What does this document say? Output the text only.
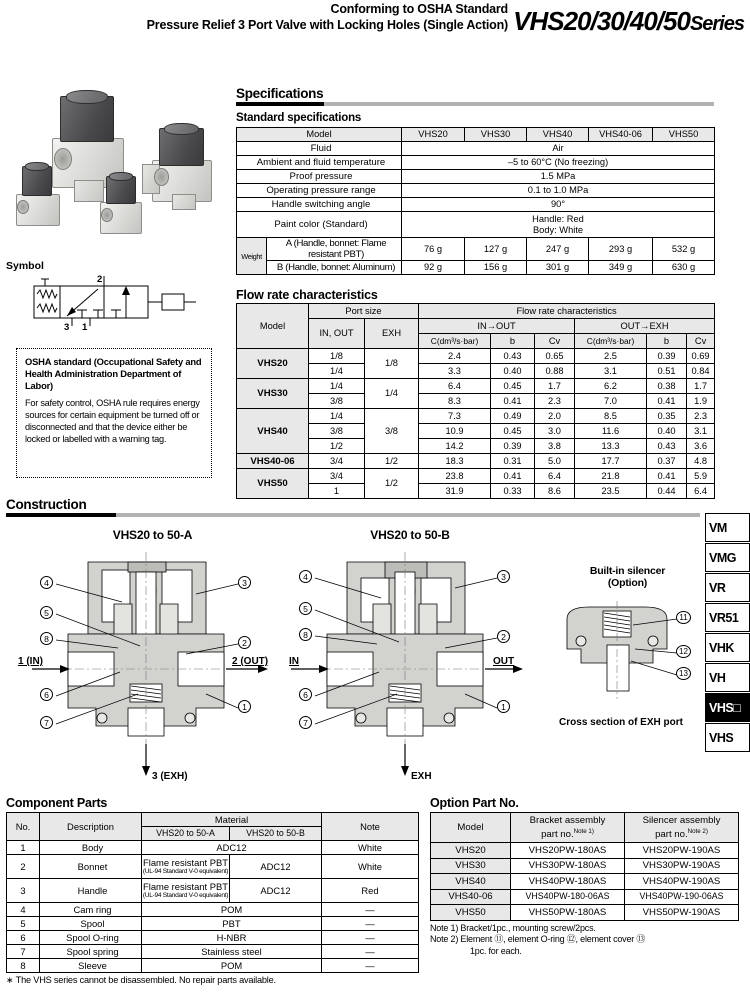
Conforming to OSHA Standard
Pressure Relief 3 Port Valve with Locking Holes (Single Action) VHS20/30/40/50Series
Symbol
2
3 1
OSHA standard (Occupational Safety and Health Administration Department of Labor)
For safety control, OSHA rule requires energy sources for certain equipment be turned off or disconnected and that the device either be locked or labelled with a warning tag.
Specifications
Standard specifications
Model		VHS20	VHS30	VHS40	VHS40-06	VHS50
Fluid		Air				
Ambient and fluid temperature		–5 to 60°C (No freezing)				
Proof pressure		1.5 MPa				
Operating pressure range		0.1 to 1.0 MPa				
Handle switching angle		90°				
Paint color (Standard)		Handle: Red
Body: White				
Weight	A (Handle, bonnet: Flame resistant PBT)	76 g	127 g	247 g	293 g	532 g
	B (Handle, bonnet: Aluminum)	92 g	156 g	301 g	349 g	630 g
Flow rate characteristics
Model	Port size		Flow rate characteristics					
	IN, OUT	EXH	IN→OUT			OUT→EXH		
			C(dm³/s·bar)	b	Cv	C(dm³/s·bar)	b	Cv
VHS20	1/8	1/8	2.4	0.43	0.65	2.5	0.39	0.69
	1/4		3.3	0.40	0.88	3.1	0.51	0.84
VHS30	1/4	1/4	6.4	0.45	1.7	6.2	0.38	1.7
	3/8		8.3	0.41	2.3	7.0	0.41	1.9
VHS40	1/4	3/8	7.3	0.49	2.0	8.5	0.35	2.3
	3/8		10.9	0.45	3.0	11.6	0.40	3.1
	1/2		14.2	0.39	3.8	13.3	0.43	3.6
VHS40-06	3/4	1/2	18.3	0.31	5.0	17.7	0.37	4.8
VHS50	3/4	1/2	23.8	0.41	6.4	21.8	0.41	5.9
	1		31.9	0.33	8.6	23.5	0.44	6.4
Construction
VHS20 to 50-A
4	3
5
8	2
6
7
1
1 (IN)	2 (OUT)
3 (EXH)
VHS20 to 50-B
4	3
5
8	2
6
7
1
IN	OUT
EXH
Built-in silencer
(Option)
11
12
13
Cross section of EXH port
VM
VMG
VR
VR51
VHK
VH
VHS□
VHS
Component Parts
No.	Description	Material		Note
		VHS20 to 50-A	VHS20 to 50-B	
1	Body	ADC12		White
2	Bonnet	Flame resistant PBT
(UL-94 Standard V-0 equivalent)	ADC12	White
3	Handle	Flame resistant PBT
(UL-94 Standard V-0 equivalent)	ADC12	Red
4	Cam ring	POM		—
5	Spool	PBT		—
6	Spool O-ring	H-NBR		—
7	Spool spring	Stainless steel		—
8	Sleeve	POM		—
∗ The VHS series cannot be disassembled. No repair parts available.
Option Part No.
Model	Bracket assembly
part no.$^{Note 1)}$	Silencer assembly
part no.$^{Note 2)}$
VHS20	VHS20PW-180AS	VHS20PW-190AS
VHS30	VHS30PW-180AS	VHS30PW-190AS
VHS40	VHS40PW-180AS	VHS40PW-190AS
VHS40-06	VHS40PW-180-06AS	VHS40PW-190-06AS
VHS50	VHS50PW-180AS	VHS50PW-190AS
Note 1) Bracket/1pc., mounting screw/2pcs.
Note 2) Element ⑪, element O-ring ⑫, element cover ⑬
1pc. for each.
